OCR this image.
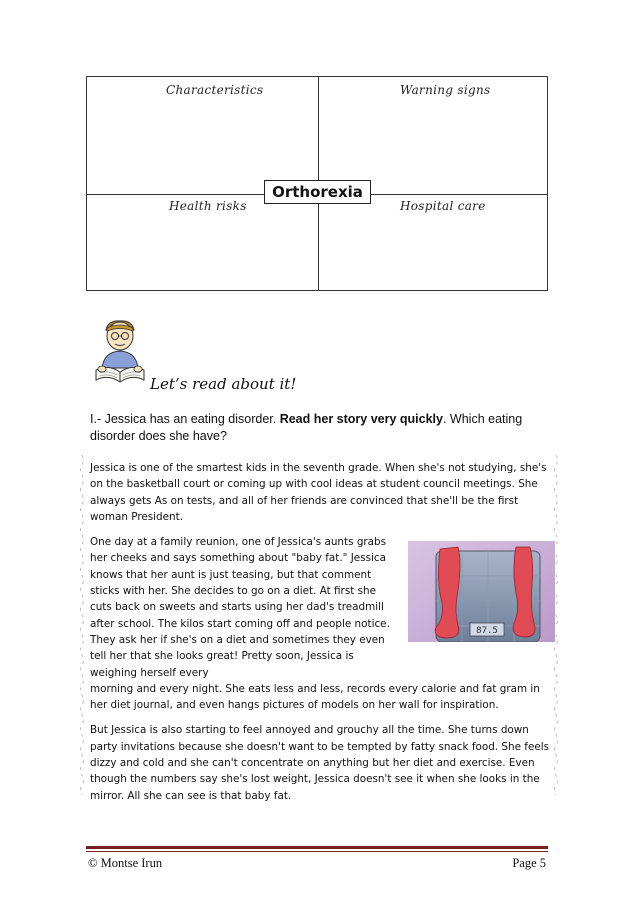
Characteristics	Warning signs
Health risks	Hospital care
Orthorexia
Let’s read about it!
I.- Jessica has an eating disorder. Read her story very quickly. Which eating disorder does she have?

Jessica is one of the smartest kids in the seventh grade. When she's not studying, she's on the basketball court or coming up with cool ideas at student council meetings. She always gets As on tests, and all of her friends are convinced that she'll be the first woman President.

One day at a family reunion, one of Jessica's aunts grabs her cheeks and says something about "baby fat." Jessica knows that her aunt is just teasing, but that comment sticks with her. She decides to go on a diet. At first she cuts back on sweets and starts using her dad's treadmill after school. The kilos start coming off and people notice. They ask her if she's on a diet and sometimes they even tell her that she looks great! Pretty soon, Jessica is weighing herself every

morning and every night. She eats less and less, records every calorie and fat gram in her diet journal, and even hangs pictures of models on her wall for inspiration.

But Jessica is also starting to feel annoyed and grouchy all the time. She turns down party invitations because she doesn't want to be tempted by fatty snack food. She feels dizzy and cold and she can't concentrate on anything but her diet and exercise. Even though the numbers say she's lost weight, Jessica doesn't see it when she looks in the mirror. All she can see is that baby fat.

87.5
© Montse Irun	Page 5
